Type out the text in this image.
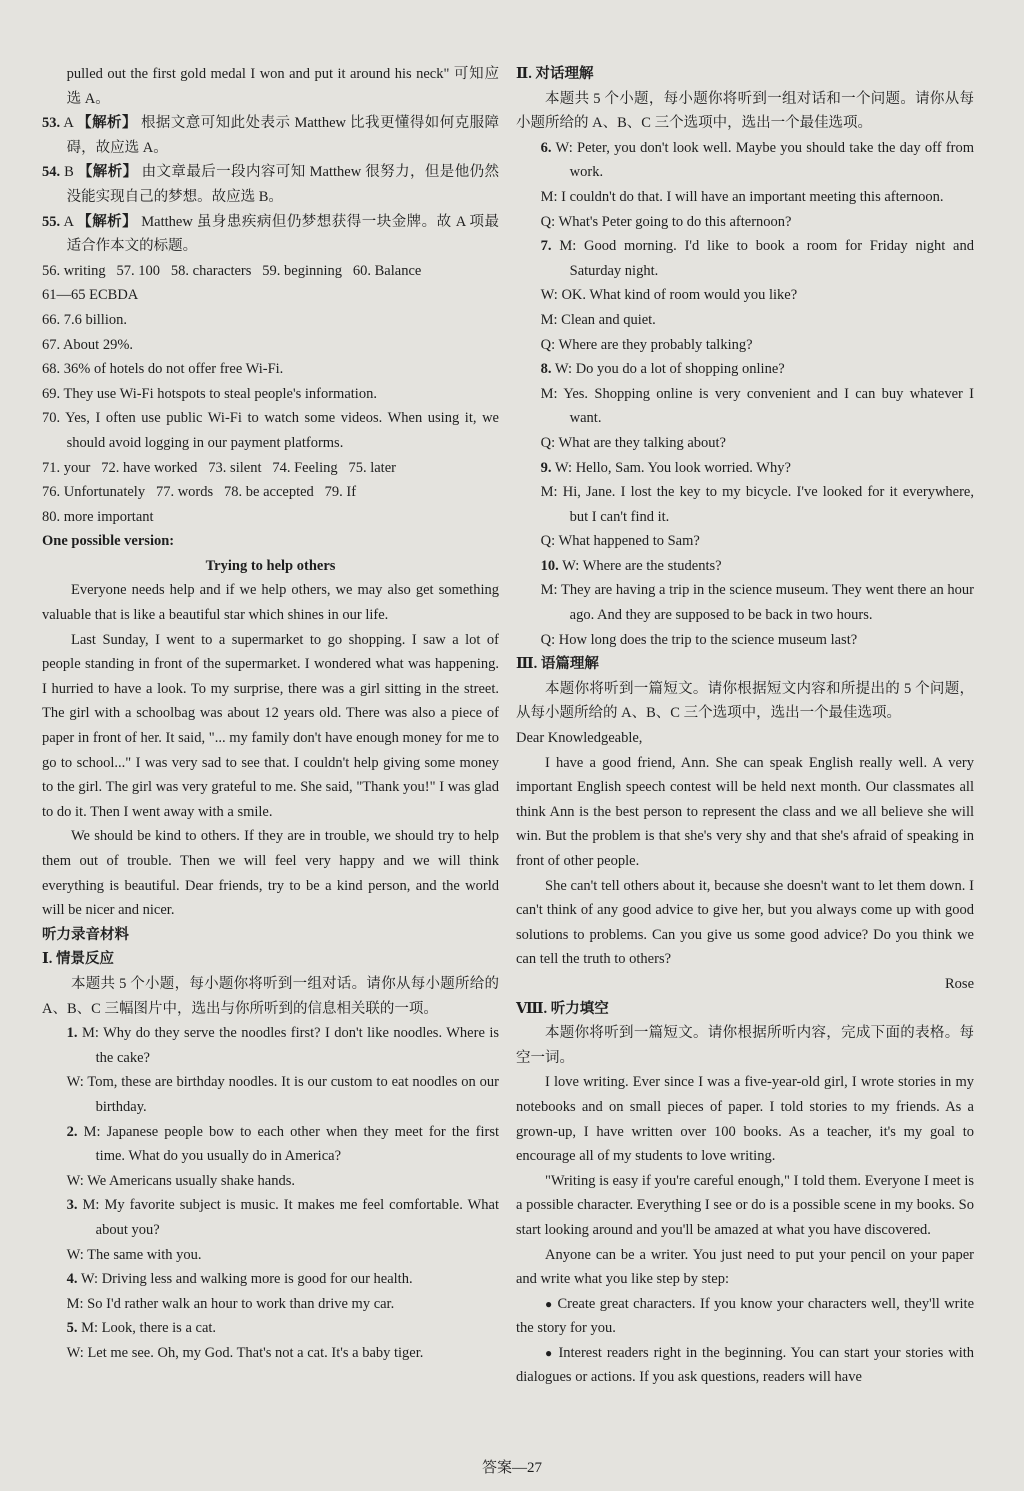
pulled out the first gold medal I won and put it around his neck" 可知应选 A。

53. A 【解析】 根据文意可知此处表示 Matthew 比我更懂得如何克服障碍，故应选 A。

54. B 【解析】 由文章最后一段内容可知 Matthew 很努力，但是他仍然没能实现自己的梦想。故应选 B。

55. A 【解析】 Matthew 虽身患疾病但仍梦想获得一块金牌。故 A 项最适合作本文的标题。

56. writing   57. 100   58. characters   59. beginning   60. Balance

61—65 ECBDA

66. 7.6 billion.

67. About 29%.

68. 36% of hotels do not offer free Wi-Fi.

69. They use Wi-Fi hotspots to steal people's information.

70. Yes, I often use public Wi-Fi to watch some videos. When using it, we should avoid logging in our payment platforms.

71. your   72. have worked   73. silent   74. Feeling   75. later

76. Unfortunately   77. words   78. be accepted   79. If

80. more important

One possible version:

Trying to help others

Everyone needs help and if we help others, we may also get something valuable that is like a beautiful star which shines in our life.

Last Sunday, I went to a supermarket to go shopping. I saw a lot of people standing in front of the supermarket. I wondered what was happening. I hurried to have a look. To my surprise, there was a girl sitting in the street. The girl with a schoolbag was about 12 years old. There was also a piece of paper in front of her. It said, "... my family don't have enough money for me to go to school..." I was very sad to see that. I couldn't help giving some money to the girl. The girl was very grateful to me. She said, "Thank you!" I was glad to do it. Then I went away with a smile.

We should be kind to others. If they are in trouble, we should try to help them out of trouble. Then we will feel very happy and we will think everything is beautiful. Dear friends, try to be a kind person, and the world will be nicer and nicer.

听力录音材料

Ⅰ. 情景反应

本题共 5 个小题，每小题你将听到一组对话。请你从每小题所给的 A、B、C 三幅图片中，选出与你所听到的信息相关联的一项。

1. M: Why do they serve the noodles first? I don't like noodles. Where is the cake?

W: Tom, these are birthday noodles. It is our custom to eat noodles on our birthday.

2. M: Japanese people bow to each other when they meet for the first time. What do you usually do in America?

W: We Americans usually shake hands.

3. M: My favorite subject is music. It makes me feel comfortable. What about you?

W: The same with you.

4. W: Driving less and walking more is good for our health.

M: So I'd rather walk an hour to work than drive my car.

5. M: Look, there is a cat.

W: Let me see. Oh, my God. That's not a cat. It's a baby tiger.

Ⅱ. 对话理解

本题共 5 个小题，每小题你将听到一组对话和一个问题。请你从每小题所给的 A、B、C 三个选项中，选出一个最佳选项。

6. W: Peter, you don't look well. Maybe you should take the day off from work.

M: I couldn't do that. I will have an important meeting this afternoon.

Q: What's Peter going to do this afternoon?

7. M: Good morning. I'd like to book a room for Friday night and Saturday night.

W: OK. What kind of room would you like?

M: Clean and quiet.

Q: Where are they probably talking?

8. W: Do you do a lot of shopping online?

M: Yes. Shopping online is very convenient and I can buy whatever I want.

Q: What are they talking about?

9. W: Hello, Sam. You look worried. Why?

M: Hi, Jane. I lost the key to my bicycle. I've looked for it everywhere, but I can't find it.

Q: What happened to Sam?

10. W: Where are the students?

M: They are having a trip in the science museum. They went there an hour ago. And they are supposed to be back in two hours.

Q: How long does the trip to the science museum last?

Ⅲ. 语篇理解

本题你将听到一篇短文。请你根据短文内容和所提出的 5 个问题，从每小题所给的 A、B、C 三个选项中，选出一个最佳选项。

Dear Knowledgeable,

I have a good friend, Ann. She can speak English really well. A very important English speech contest will be held next month. Our classmates all think Ann is the best person to represent the class and we all believe she will win. But the problem is that she's very shy and that she's afraid of speaking in front of other people.

She can't tell others about it, because she doesn't want to let them down. I can't think of any good advice to give her, but you always come up with good solutions to problems. Can you give us some good advice? Do you think we can tell the truth to others?

Rose

Ⅷ. 听力填空

本题你将听到一篇短文。请你根据所听内容，完成下面的表格。每空一词。

I love writing. Ever since I was a five-year-old girl, I wrote stories in my notebooks and on small pieces of paper. I told stories to my friends. As a grown-up, I have written over 100 books. As a teacher, it's my goal to encourage all of my students to love writing.

"Writing is easy if you're careful enough," I told them. Everyone I meet is a possible character. Everything I see or do is a possible scene in my books. So start looking around and you'll be amazed at what you have discovered.

Anyone can be a writer. You just need to put your pencil on your paper and write what you like step by step:

● Create great characters. If you know your characters well, they'll write the story for you.

● Interest readers right in the beginning. You can start your stories with dialogues or actions. If you ask questions, readers will have

答案—27
